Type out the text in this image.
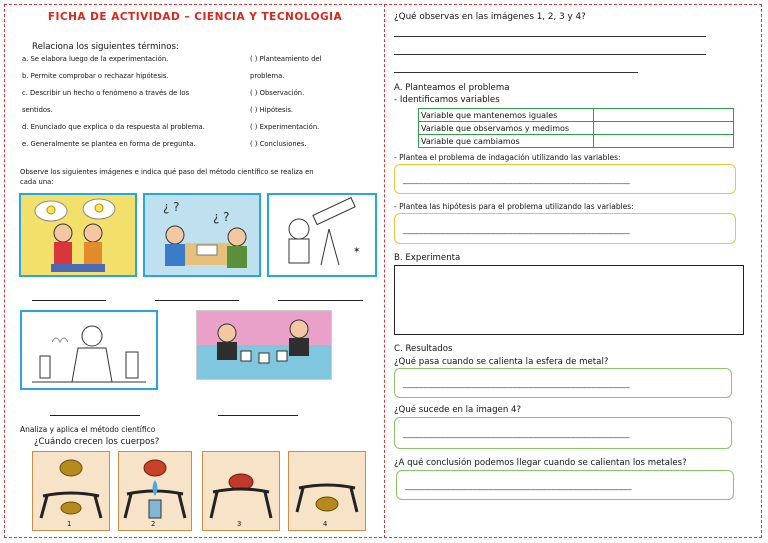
FICHA DE ACTIVIDAD – CIENCIA Y TECNOLOGIA
Relaciona los siguientes términos:
a. Se elabora luego de la experimentación.	( ) Planteamiento del
b. Permite comprobar o rechazar hipótesis.	problema.
c. Describir un hecho o fenómeno a través de los	( ) Observación.
sentidos.	( ) Hipótesis.
d. Enunciado que explica o da respuesta al problema.	( ) Experimentación.
e. Generalmente se plantea en forma de pregunta.	( ) Conclusiones.
Observe los siguientes imágenes e indica qué paso del método científico se realiza en
cada una:
¿ ?
¿ ?
✶
Analiza y aplica el método científico
¿Cuándo crecen los cuerpos?
1	2	3	4
¿Qué observas en las imágenes 1, 2, 3 y 4?
A. Planteamos el problema
- Identificamos variables
Variable que mantenemos iguales	
Variable que observamos y medimos	
Variable que cambiamos	
- Plantea el problema de indagación utilizando las variables:
______________________________________________________
- Plantea las hipótesis para el problema utilizando las variables:
______________________________________________________
B. Experimenta
C. Resultados
¿Qué pasa cuando se calienta la esfera de metal?
______________________________________________________
¿Qué sucede en la imagen 4?
______________________________________________________
¿A qué conclusión podemos llegar cuando se calientan los metales?
______________________________________________________
